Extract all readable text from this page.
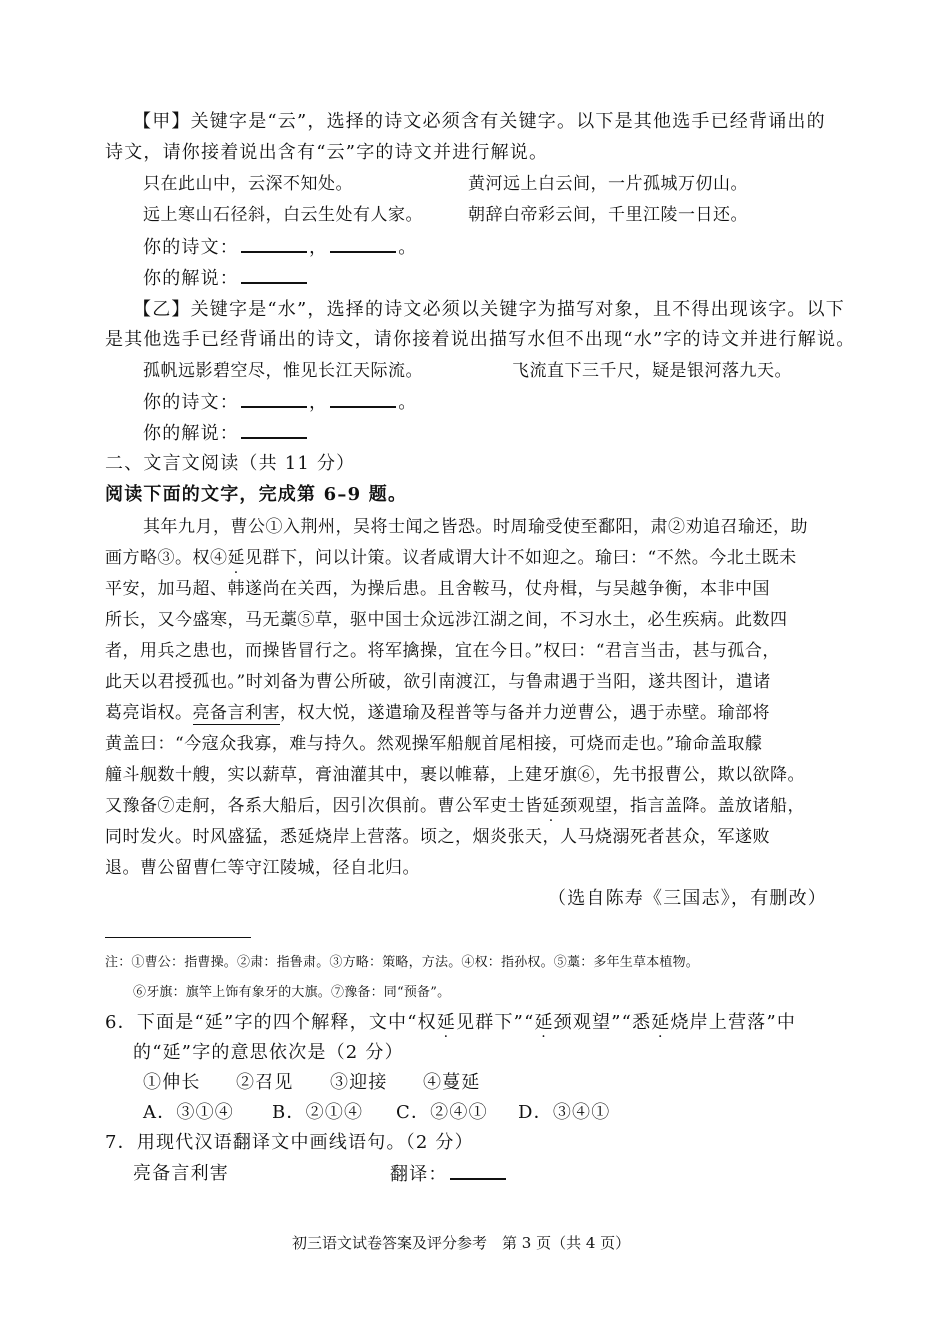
【甲】关键字是“云”，选择的诗文必须含有关键字。以下是其他选手已经背诵出的
诗文，请你接着说出含有“云”字的诗文并进行解说。
只在此山中，云深不知处。	黄河远上白云间，一片孤城万仞山。
远上寒山石径斜，白云生处有人家。	朝辞白帝彩云间，千里江陵一日还。
你的诗文：	，	。
你的解说：
【乙】关键字是“水”，选择的诗文必须以关键字为描写对象，且不得出现该字。以下
是其他选手已经背诵出的诗文，请你接着说出描写水但不出现“水”字的诗文并进行解说。
孤帆远影碧空尽，惟见长江天际流。	飞流直下三千尺，疑是银河落九天。
你的诗文：	，	。
你的解说：
二、文言文阅读（共 11 分）
阅读下面的文字，完成第 6–9 题。
其年九月，曹公①入荆州，吴将士闻之皆恐。时周瑜受使至鄱阳，肃②劝追召瑜还，助
画方略③。权④延见群下，问以计策。议者咸谓大计不如迎之。瑜曰：“不然。今北土既未
平安，加马超、韩遂尚在关西，为操后患。且舍鞍马，仗舟楫，与吴越争衡，本非中国
所长，又今盛寒，马无藁⑤草，驱中国士众远涉江湖之间，不习水土，必生疾病。此数四
者，用兵之患也，而操皆冒行之。将军擒操，宜在今日。”权曰：“君言当击，甚与孤合，
此天以君授孤也。”时刘备为曹公所破，欲引南渡江，与鲁肃遇于当阳，遂共图计，遣诸
葛亮诣权。亮备言利害，权大悦，遂遣瑜及程普等与备并力逆曹公，遇于赤壁。瑜部将
黄盖曰：“今寇众我寡，难与持久。然观操军船舰首尾相接，可烧而走也。”瑜命盖取艨
艟斗舰数十艘，实以薪草，膏油灌其中，裹以帷幕，上建牙旗⑥，先书报曹公，欺以欲降。
又豫备⑦走舸，各系大船后，因引次俱前。曹公军吏士皆延颈观望，指言盖降。盖放诸船，
同时发火。时风盛猛，悉延烧岸上营落。顷之，烟炎张天，人马烧溺死者甚众，军遂败
退。曹公留曹仁等守江陵城，径自北归。
（选自陈寿《三国志》，有删改）
注：①曹公：指曹操。②肃：指鲁肃。③方略：策略，方法。④权：指孙权。⑤藁：多年生草本植物。
⑥牙旗：旗竿上饰有象牙的大旗。⑦豫备：同“预备”。
6．下面是“延”字的四个解释，文中“权延见群下”“延颈观望”“悉延烧岸上营落”中
的“延”字的意思依次是（2 分）
①伸长 ②召见 ③迎接 ④蔓延
A．③①④ B．②①④ C．②④① D．③④①
7．用现代汉语翻译文中画线语句。（2 分）
亮备言利害	翻译：
初三语文试卷答案及评分参考　第 3 页（共 4 页）
